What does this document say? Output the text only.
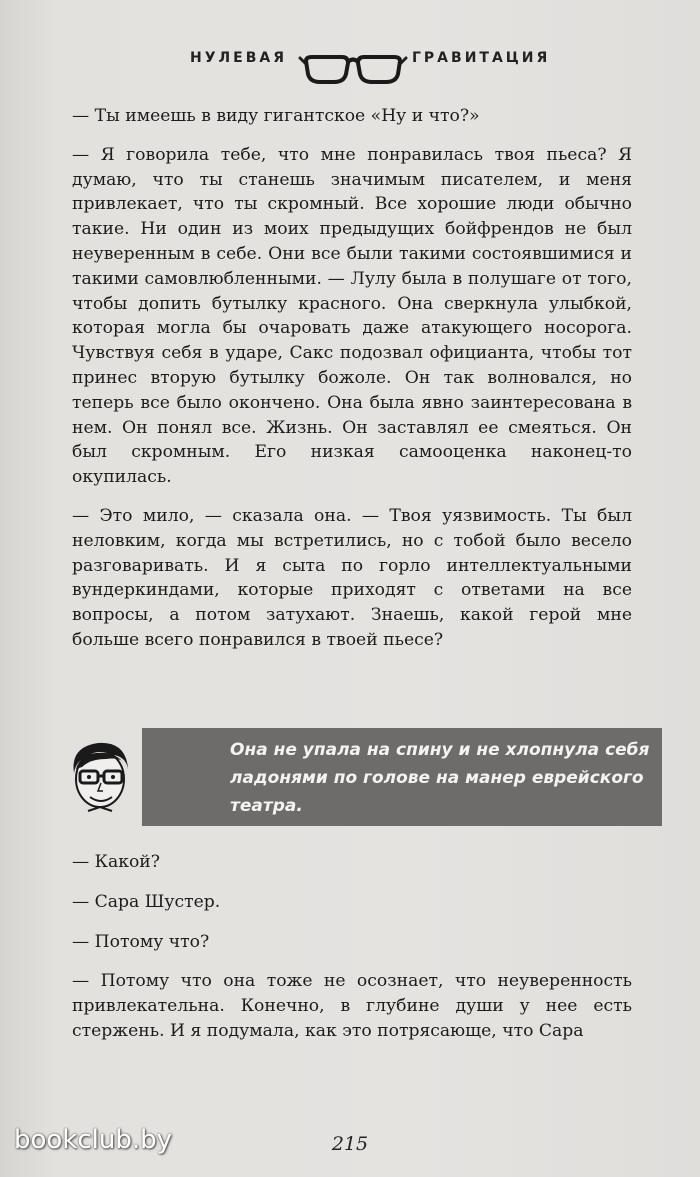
НУЛЕВАЯ	ГРАВИТАЦИЯ

— Ты имеешь в виду гигантское «Ну и что?»

— Я говорила тебе, что мне понравилась твоя пьеса? Я думаю, что ты станешь значимым писателем, и меня привлекает, что ты скромный. Все хорошие люди обычно такие. Ни один из моих предыдущих бойфрендов не был неуверенным в себе. Они все были такими состоявшимися и такими самовлюбленными. — Лулу была в полушаге от того, чтобы допить бутылку красного. Она сверкнула улыбкой, которая могла бы очаровать даже атакующего носорога. Чувствуя себя в ударе, Сакс подозвал официанта, чтобы тот принес вторую бутылку божоле. Он так волновался, но теперь все было окончено. Она была явно заинтересована в нем. Он понял все. Жизнь. Он заставлял ее смеяться. Он был скромным. Его низкая самооценка наконец-то окупилась.

— Это мило, — сказала она. — Твоя уязвимость. Ты был неловким, когда мы встретились, но с тобой было весело разговаривать. И я сыта по горло интеллектуальными вундеркиндами, которые приходят с ответами на все вопросы, а потом затухают. Знаешь, какой герой мне больше всего понравился в твоей пьесе?

Она не упала на спину и не хлопнула себя ладонями по голове на манер еврейского театра.

— Какой?

— Сара Шустер.

— Потому что?

— Потому что она тоже не осознает, что неуверенность привлекательна. Конечно, в глубине души у нее есть стержень. И я подумала, как это потрясающе, что Сара

215
bookclub.by
